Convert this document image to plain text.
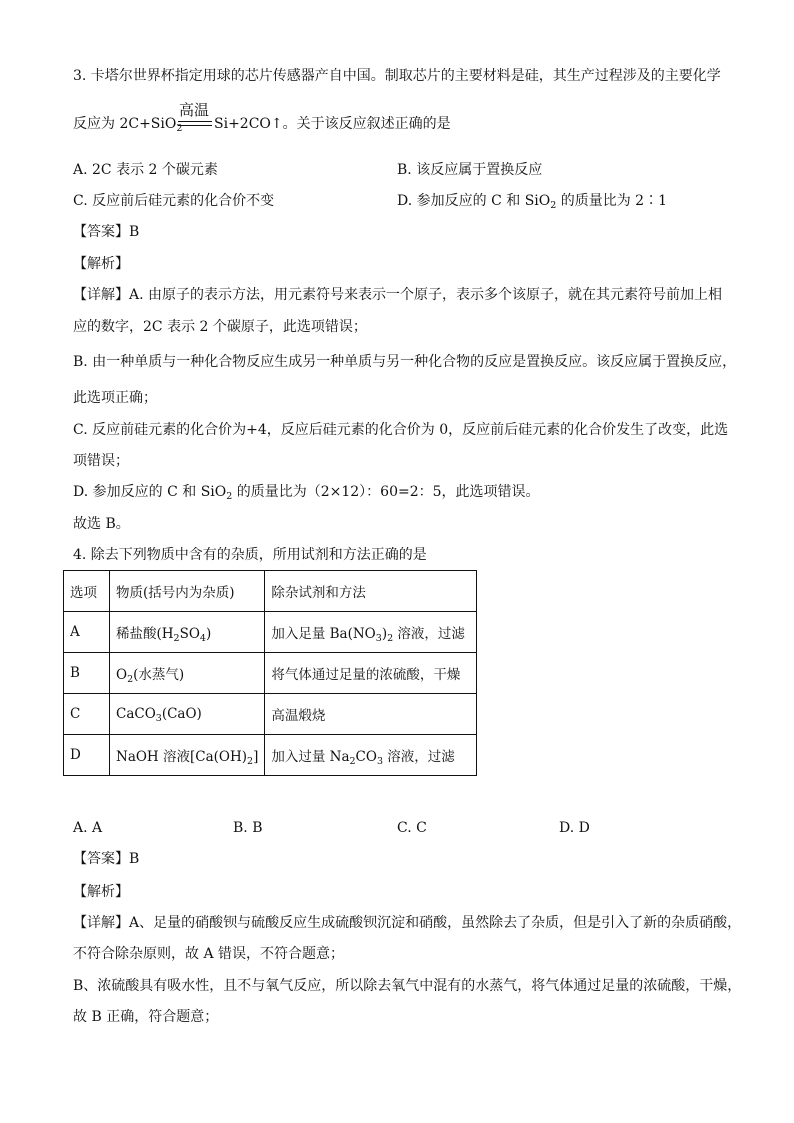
3. 卡塔尔世界杯指定用球的芯片传感器产自中国。制取芯片的主要材料是硅，其生产过程涉及的主要化学
反应为 2C+SiO$_2$
高温
Si+2CO↑。关于该反应叙述正确的是
A. 2C 表示 2 个碳元素	B. 该反应属于置换反应
C. 反应前后硅元素的化合价不变	D. 参加反应的 C 和 SiO$_2$ 的质量比为 2∶1
【答案】B
【解析】
【详解】A. 由原子的表示方法，用元素符号来表示一个原子，表示多个该原子，就在其元素符号前加上相
应的数字，2C 表示 2 个碳原子，此选项错误；
B. 由一种单质与一种化合物反应生成另一种单质与另一种化合物的反应是置换反应。该反应属于置换反应，
此选项正确；
C. 反应前硅元素的化合价为+4，反应后硅元素的化合价为 0，反应前后硅元素的化合价发生了改变，此选
项错误；
D. 参加反应的 C 和 SiO$_2$ 的质量比为（2×12）：60=2：5，此选项错误。
故选 B。
4. 除去下列物质中含有的杂质，所用试剂和方法正确的是
选项	物质(括号内为杂质)	除杂试剂和方法
A	稀盐酸$(H_2SO_4)$	加入足量 $Ba(NO_3)_2$ 溶液，过滤
B	$O_2$(水蒸气)	将气体通过足量的浓硫酸，干燥
C	CaCO$_3$(CaO)	高温煅烧
D	NaOH 溶液$[Ca(OH)_2]$	加入过量 $Na_2CO_3$ 溶液，过滤
A. A	B. B	C. C	D. D
【答案】B
【解析】
【详解】A、足量的硝酸钡与硫酸反应生成硫酸钡沉淀和硝酸，虽然除去了杂质，但是引入了新的杂质硝酸，
不符合除杂原则，故 A 错误，不符合题意；
B、浓硫酸具有吸水性，且不与氧气反应，所以除去氧气中混有的水蒸气，将气体通过足量的浓硫酸，干燥，
故 B 正确，符合题意；
